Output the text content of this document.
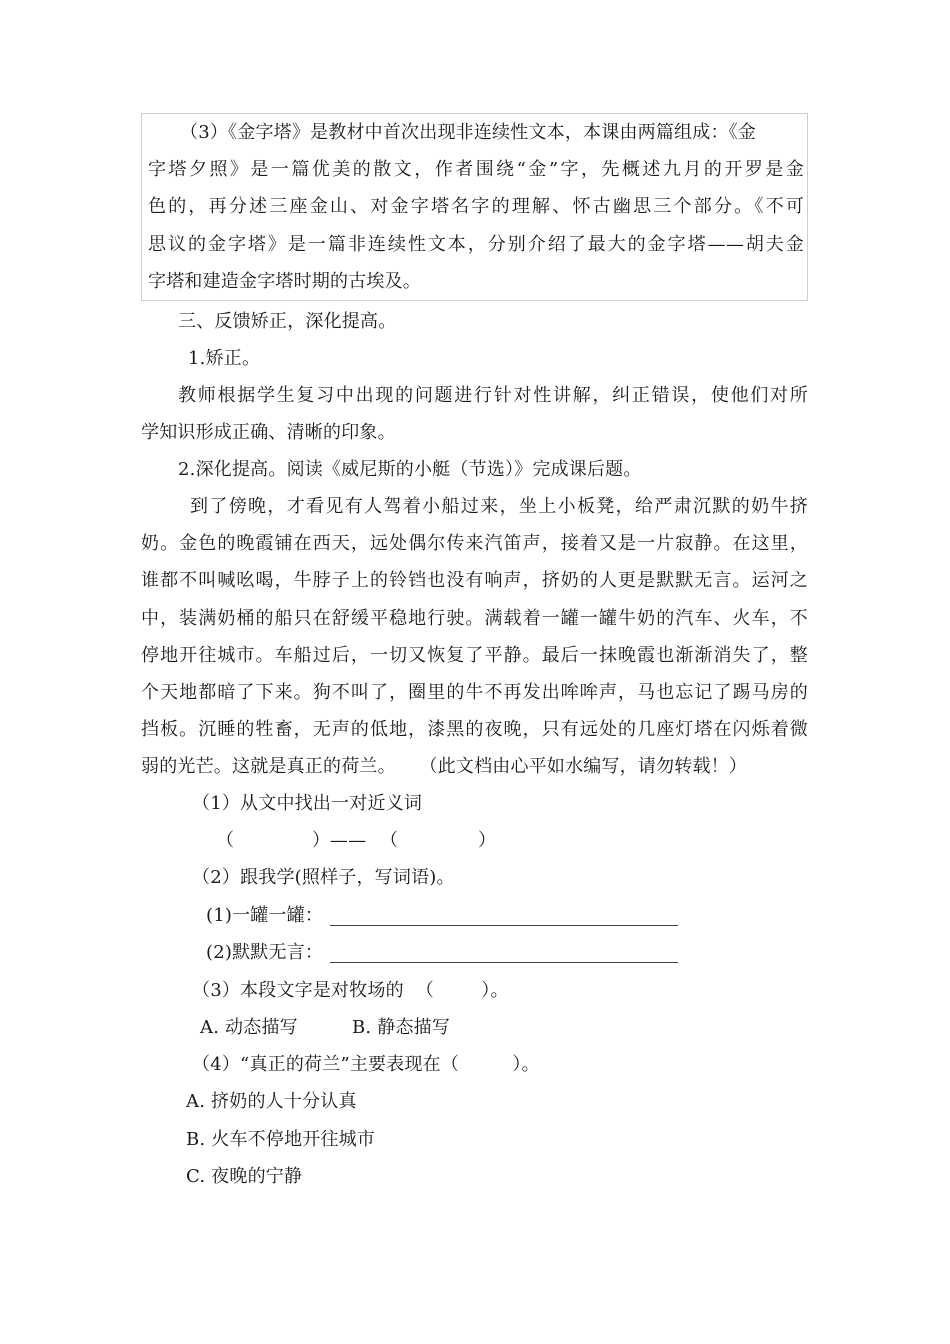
（3）《金字塔》是教材中首次出现非连续性文本，本课由两篇组成：《金
字塔夕照》是一篇优美的散文，作者围绕“金”字，先概述九月的开罗是金
色的，再分述三座金山、对金字塔名字的理解、怀古幽思三个部分。《不可
思议的金字塔》是一篇非连续性文本，分别介绍了最大的金字塔——胡夫金
字塔和建造金字塔时期的古埃及。
三、反馈矫正，深化提高。
1.矫正。
教师根据学生复习中出现的问题进行针对性讲解，纠正错误，使他们对所
学知识形成正确、清晰的印象。
2.深化提高。阅读《威尼斯的小艇（节选）》完成课后题。
到了傍晚，才看见有人驾着小船过来，坐上小板凳，给严肃沉默的奶牛挤
奶。金色的晚霞铺在西天，远处偶尔传来汽笛声，接着又是一片寂静。在这里，
谁都不叫喊吆喝，牛脖子上的铃铛也没有响声，挤奶的人更是默默无言。运河之
中，装满奶桶的船只在舒缓平稳地行驶。满载着一罐一罐牛奶的汽车、火车，不
停地开往城市。车船过后，一切又恢复了平静。最后一抹晚霞也渐渐消失了，整
个天地都暗了下来。狗不叫了，圈里的牛不再发出哞哞声，马也忘记了踢马房的
挡板。沉睡的牲畜，无声的低地，漆黑的夜晚，只有远处的几座灯塔在闪烁着微
弱的光芒。这就是真正的荷兰。    （此文档由心平如水编写，请勿转载！）
（1）从文中找出一对近义词
（	） —— （	）
（2）跟我学(照样子，写词语)。
(1)一罐一罐：
(2)默默无言：
（3）本段文字是对牧场的  （        ）。
A. 动态描写	B. 静态描写
（4）“真正的荷兰”主要表现在（         ）。
A. 挤奶的人十分认真
B. 火车不停地开往城市
C. 夜晚的宁静
